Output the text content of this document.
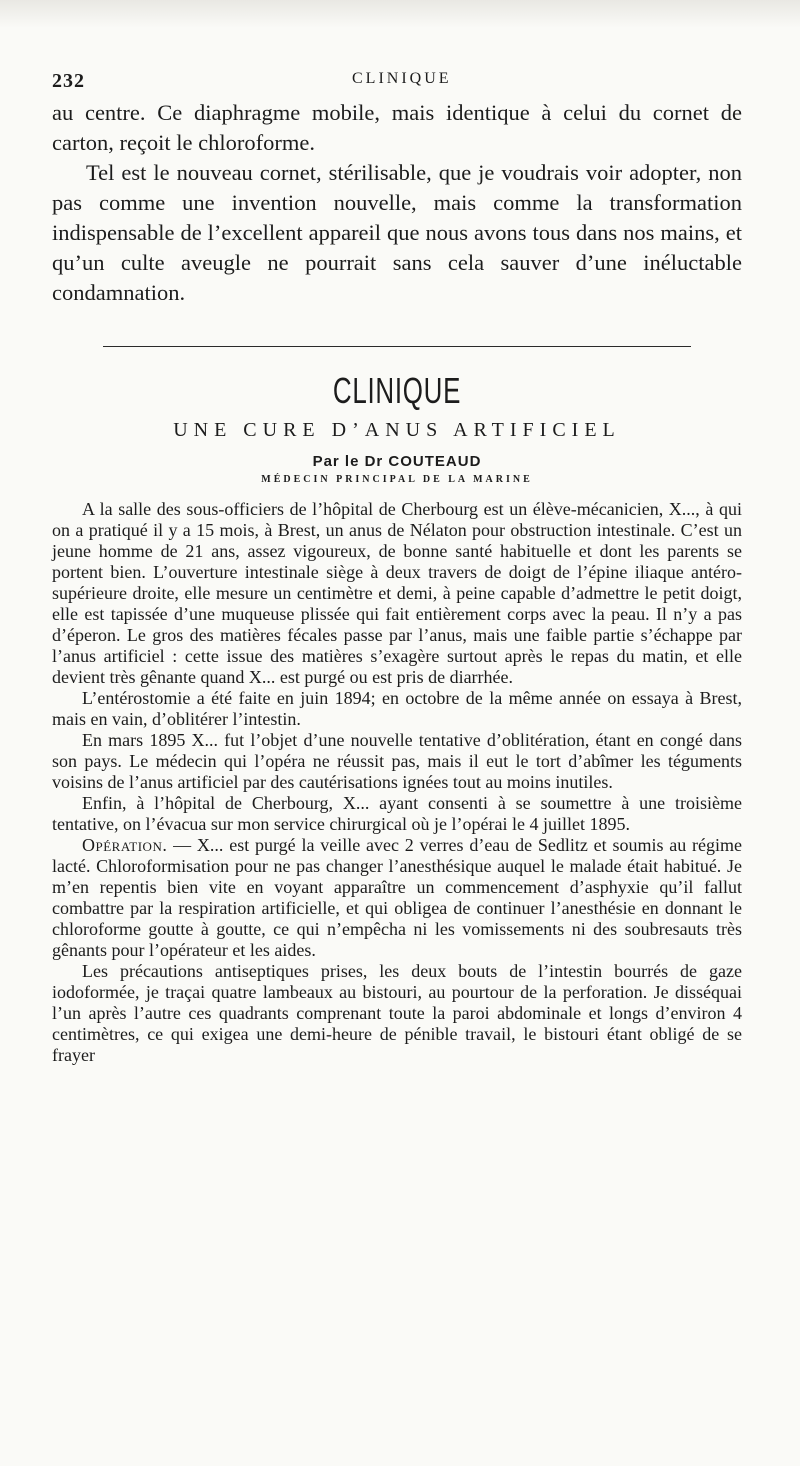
232	CLINIQUE

au centre. Ce diaphragme mobile, mais identique à celui du cornet de carton, reçoit le chloroforme.

Tel est le nouveau cornet, stérilisable, que je voudrais voir adopter, non pas comme une invention nouvelle, mais comme la transformation indispensable de l’excellent appareil que nous avons tous dans nos mains, et qu’un culte aveugle ne pourrait sans cela sauver d’une inéluctable condamnation.

CLINIQUE
UNE CURE D’ANUS ARTIFICIEL
Par le Dr COUTEAUD
MÉDECIN PRINCIPAL DE LA MARINE

A la salle des sous-officiers de l’hôpital de Cherbourg est un élève-mécanicien, X..., à qui on a pratiqué il y a 15 mois, à Brest, un anus de Nélaton pour obstruction intestinale. C’est un jeune homme de 21 ans, assez vigoureux, de bonne santé habituelle et dont les parents se portent bien. L’ouverture intestinale siège à deux travers de doigt de l’épine iliaque antéro-supérieure droite, elle mesure un centimètre et demi, à peine capable d’admettre le petit doigt, elle est tapissée d’une muqueuse plissée qui fait entièrement corps avec la peau. Il n’y a pas d’éperon. Le gros des matières fécales passe par l’anus, mais une faible partie s’échappe par l’anus artificiel : cette issue des matières s’exagère surtout après le repas du matin, et elle devient très gênante quand X... est purgé ou est pris de diarrhée.

L’entérostomie a été faite en juin 1894; en octobre de la même année on essaya à Brest, mais en vain, d’oblitérer l’intestin.

En mars 1895 X... fut l’objet d’une nouvelle tentative d’oblitération, étant en congé dans son pays. Le médecin qui l’opéra ne réussit pas, mais il eut le tort d’abîmer les téguments voisins de l’anus artificiel par des cautérisations ignées tout au moins inutiles.

Enfin, à l’hôpital de Cherbourg, X... ayant consenti à se soumettre à une troisième tentative, on l’évacua sur mon service chirurgical où je l’opérai le 4 juillet 1895.

Opération. — X... est purgé la veille avec 2 verres d’eau de Sedlitz et soumis au régime lacté. Chloroformisation pour ne pas changer l’anesthésique auquel le malade était habitué. Je m’en repentis bien vite en voyant apparaître un commencement d’asphyxie qu’il fallut combattre par la respiration artificielle, et qui obligea de continuer l’anesthésie en donnant le chloroforme goutte à goutte, ce qui n’empêcha ni les vomissements ni des soubresauts très gênants pour l’opérateur et les aides.

Les précautions antiseptiques prises, les deux bouts de l’intestin bourrés de gaze iodoformée, je traçai quatre lambeaux au bistouri, au pourtour de la perforation. Je disséquai l’un après l’autre ces quadrants comprenant toute la paroi abdominale et longs d’environ 4 centimètres, ce qui exigea une demi-heure de pénible travail, le bistouri étant obligé de se frayer
